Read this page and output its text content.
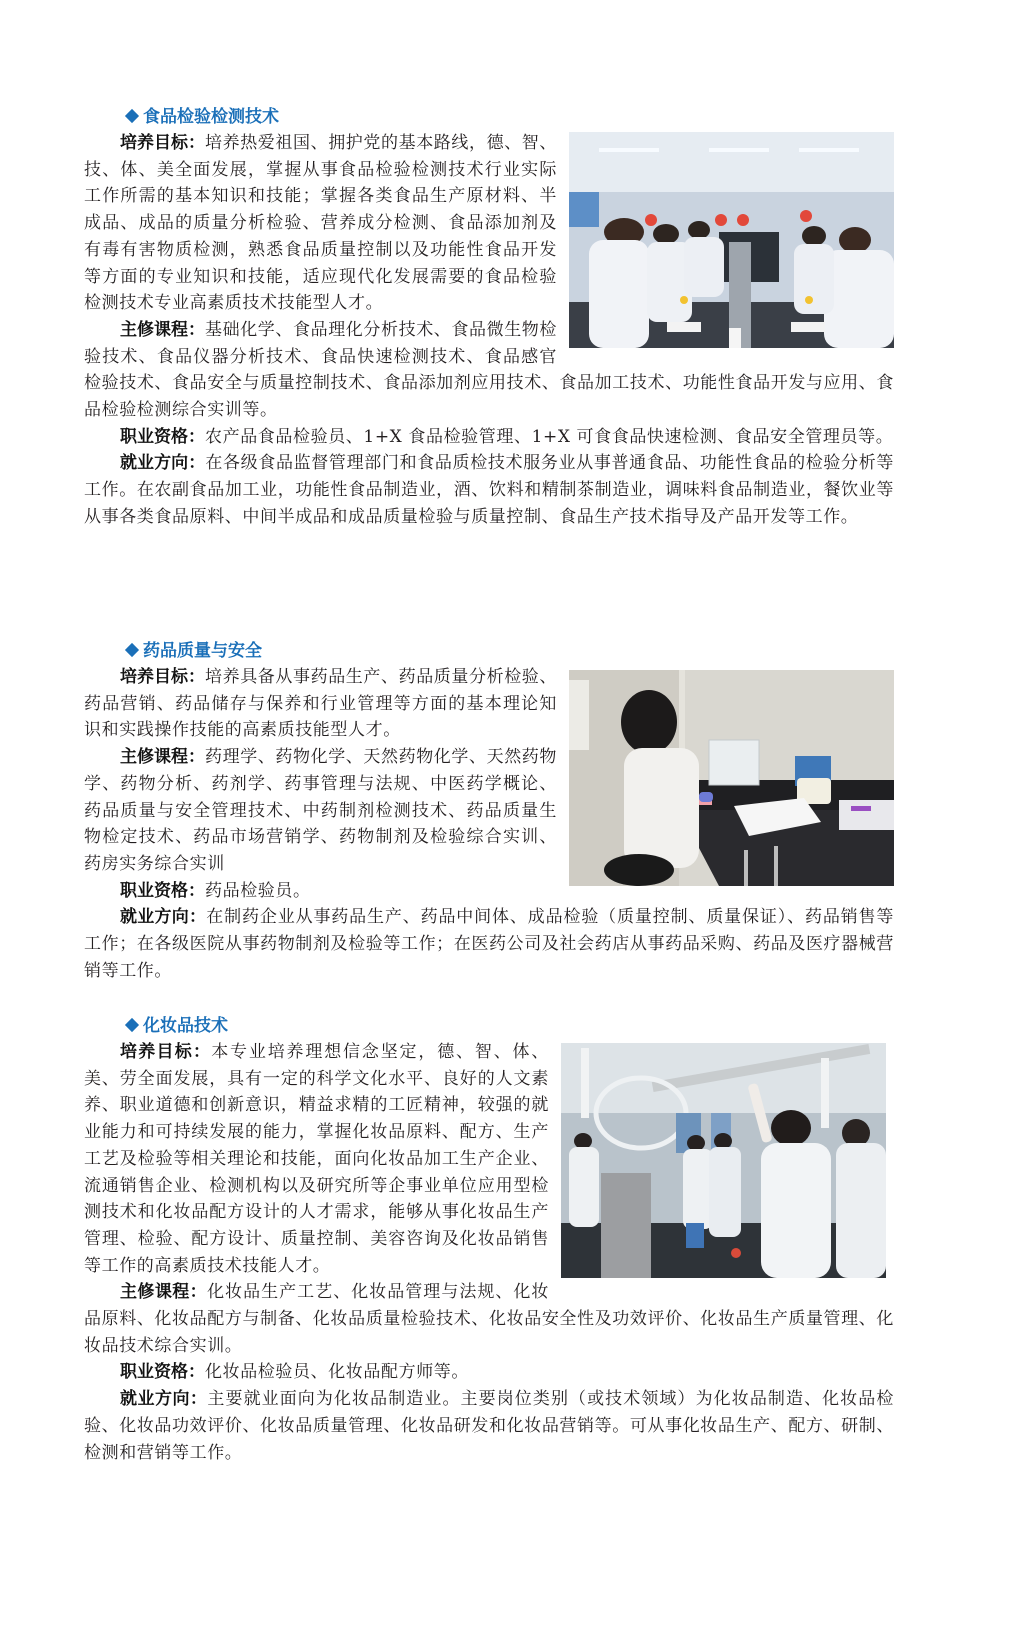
食品检验检测技术

培养目标：培养热爱祖国、拥护党的基本路线，德、智、技、体、美全面发展，掌握从事食品检验检测技术行业实际工作所需的基本知识和技能；掌握各类食品生产原材料、半成品、成品的质量分析检验、营养成分检测、食品添加剂及有毒有害物质检测，熟悉食品质量控制以及功能性食品开发等方面的专业知识和技能，适应现代化发展需要的食品检验检测技术专业高素质技术技能型人才。

主修课程：基础化学、食品理化分析技术、食品微生物检验技术、食品仪器分析技术、食品快速检测技术、食品感官检验技术、食品安全与质量控制技术、食品添加剂应用技术、食品加工技术、功能性食品开发与应用、食品检验检测综合实训等。

职业资格：农产品食品检验员、1+X 食品检验管理、1+X 可食食品快速检测、食品安全管理员等。

就业方向：在各级食品监督管理部门和食品质检技术服务业从事普通食品、功能性食品的检验分析等工作。在农副食品加工业，功能性食品制造业，酒、饮料和精制茶制造业，调味料食品制造业，餐饮业等从事各类食品原料、中间半成品和成品质量检验与质量控制、食品生产技术指导及产品开发等工作。

药品质量与安全

培养目标：培养具备从事药品生产、药品质量分析检验、药品营销、药品储存与保养和行业管理等方面的基本理论知识和实践操作技能的高素质技能型人才。

主修课程：药理学、药物化学、天然药物化学、天然药物学、药物分析、药剂学、药事管理与法规、中医药学概论、药品质量与安全管理技术、中药制剂检测技术、药品质量生物检定技术、药品市场营销学、药物制剂及检验综合实训、药房实务综合实训

职业资格：药品检验员。

就业方向：在制药企业从事药品生产、药品中间体、成品检验（质量控制、质量保证）、药品销售等工作；在各级医院从事药物制剂及检验等工作；在医药公司及社会药店从事药品采购、药品及医疗器械营销等工作。

化妆品技术

培养目标：本专业培养理想信念坚定，德、智、体、美、劳全面发展，具有一定的科学文化水平、良好的人文素养、职业道德和创新意识，精益求精的工匠精神，较强的就业能力和可持续发展的能力，掌握化妆品原料、配方、生产工艺及检验等相关理论和技能，面向化妆品加工生产企业、流通销售企业、检测机构以及研究所等企事业单位应用型检测技术和化妆品配方设计的人才需求，能够从事化妆品生产管理、检验、配方设计、质量控制、美容咨询及化妆品销售等工作的高素质技术技能人才。

主修课程：化妆品生产工艺、化妆品管理与法规、化妆品原料、化妆品配方与制备、化妆品质量检验技术、化妆品安全性及功效评价、化妆品生产质量管理、化妆品技术综合实训。

职业资格：化妆品检验员、化妆品配方师等。

就业方向：主要就业面向为化妆品制造业。主要岗位类别（或技术领域）为化妆品制造、化妆品检验、化妆品功效评价、化妆品质量管理、化妆品研发和化妆品营销等。可从事化妆品生产、配方、研制、检测和营销等工作。
